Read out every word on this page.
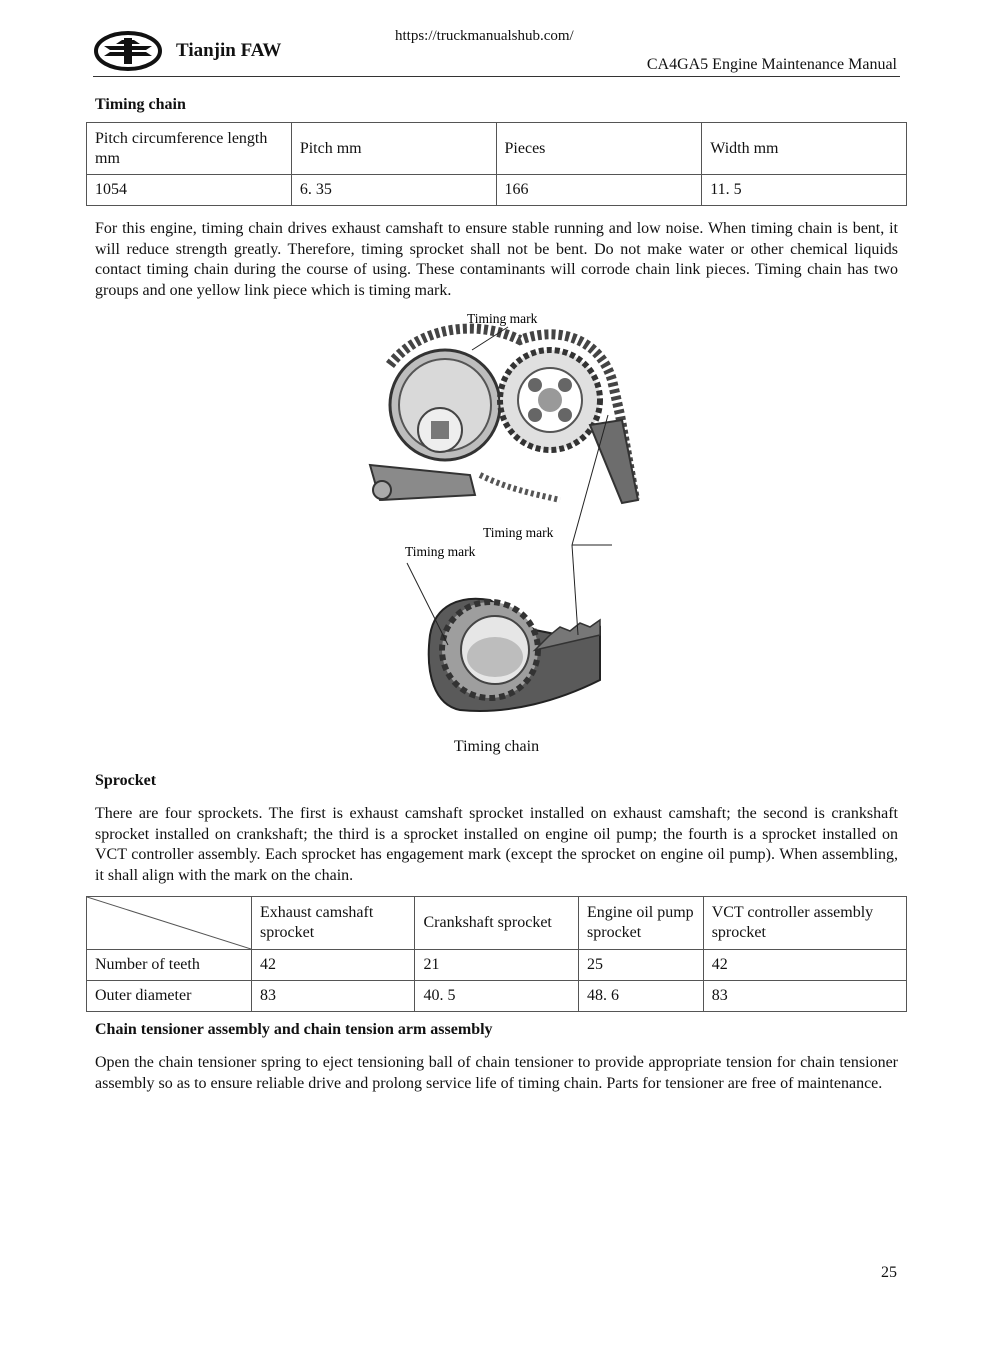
Tianjin FAW
https://truckmanualshub.com/
CA4GA5 Engine Maintenance Manual
Timing chain
Pitch circumference length mm	Pitch mm	Pieces	Width mm
1054	6. 35	166	11. 5

For this engine, timing chain drives exhaust camshaft to ensure stable running and low noise. When timing chain is bent, it will reduce strength greatly. Therefore, timing sprocket shall not be bent. Do not make water or other chemical liquids contact timing chain during the course of using. These contaminants will corrode chain link pieces. Timing chain has two groups and one yellow link piece which is timing mark.

Timing mark
Timing mark
Timing mark
Timing chain
Sprocket

There are four sprockets. The first is exhaust camshaft sprocket installed on exhaust camshaft; the second is crankshaft sprocket installed on crankshaft; the third is a sprocket installed on engine oil pump; the fourth is a sprocket installed on VCT controller assembly. Each sprocket has engagement mark (except the sprocket on engine oil pump). When assembling, it shall align with the mark on the chain.

	Exhaust camshaft sprocket	Crankshaft sprocket	Engine oil pump sprocket	VCT controller assembly sprocket
Number of teeth	42	21	25	42
Outer diameter	83	40. 5	48. 6	83
Chain tensioner assembly and chain tension arm assembly

Open the chain tensioner spring to eject tensioning ball of chain tensioner to provide appropriate tension for chain tensioner assembly so as to ensure reliable drive and prolong service life of timing chain. Parts for tensioner are free of maintenance.

25
